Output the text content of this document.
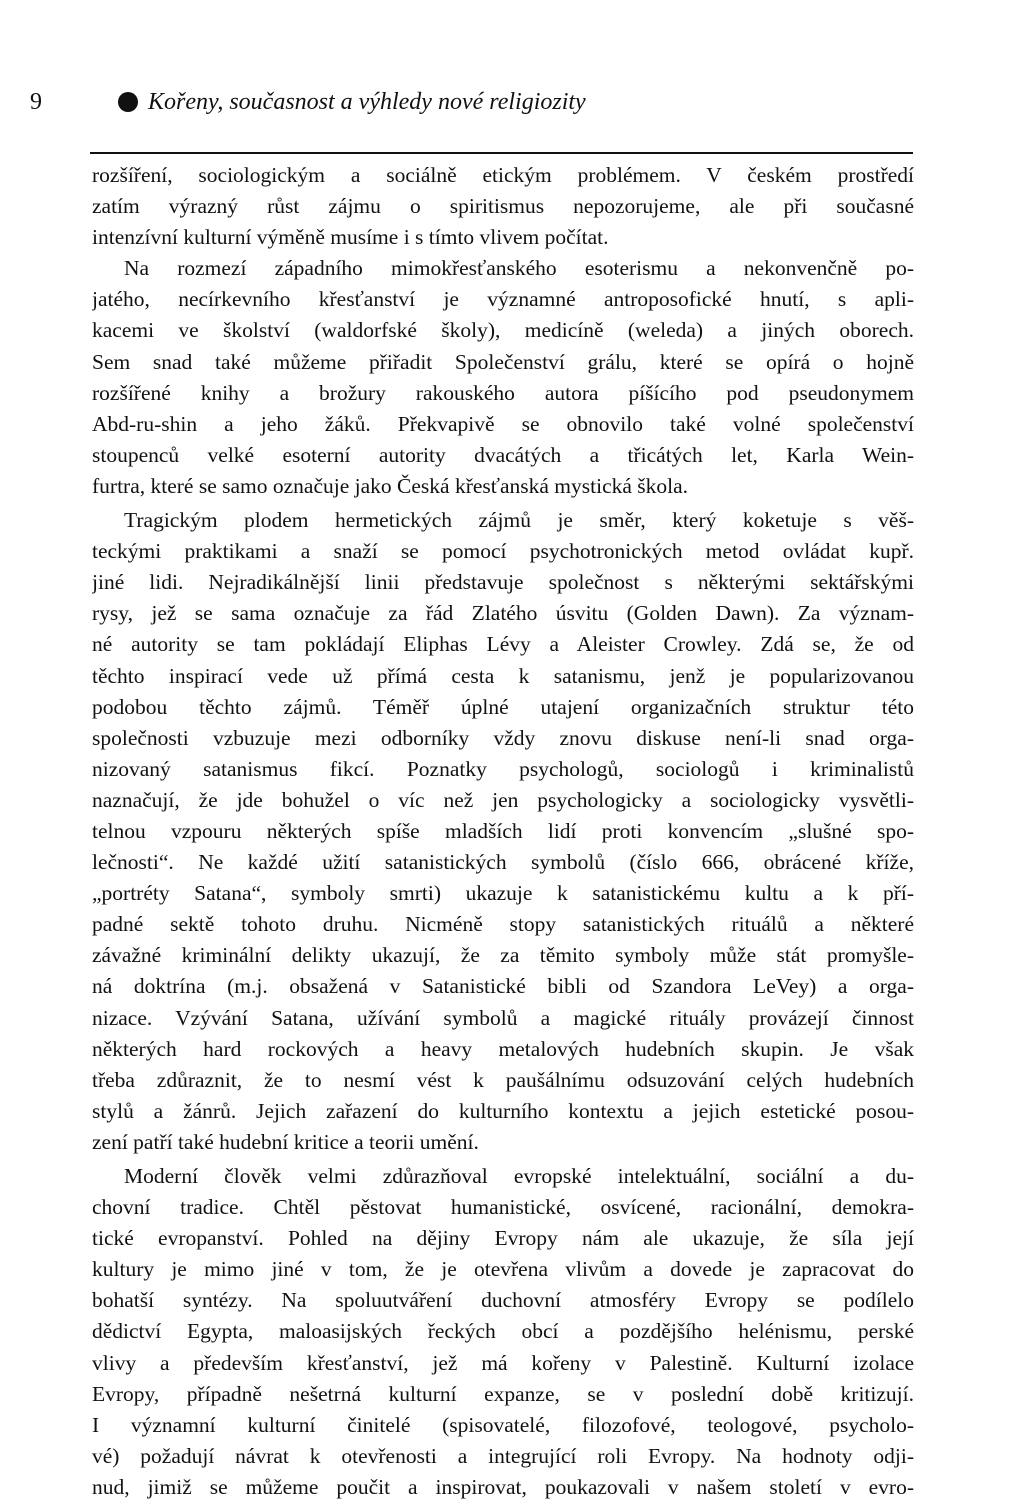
9	Kořeny, současnost a výhledy nové religiozity
rozšíření, sociologickým a sociálně etickým problémem. V českém prostředí
zatím výrazný růst zájmu o spiritismus nepozorujeme, ale při současné
intenzívní kulturní výměně musíme i s tímto vlivem počítat.
Na rozmezí západního mimokřesťanského esoterismu a nekonvenčně po-
jatého, necírkevního křesťanství je významné antroposofické hnutí, s apli-
kacemi ve školství (waldorfské školy), medicíně (weleda) a jiných oborech.
Sem snad také můžeme přiřadit Společenství grálu, které se opírá o hojně
rozšířené knihy a brožury rakouského autora píšícího pod pseudonymem
Abd-ru-shin a jeho žáků. Překvapivě se obnovilo také volné společenství
stoupenců velké esoterní autority dvacátých a třicátých let, Karla Wein-
furtra, které se samo označuje jako Česká křesťanská mystická škola.
Tragickým plodem hermetických zájmů je směr, který koketuje s věš-
teckými praktikami a snaží se pomocí psychotronických metod ovládat kupř.
jiné lidi. Nejradikálnější linii představuje společnost s některými sektářskými
rysy, jež se sama označuje za řád Zlatého úsvitu (Golden Dawn). Za význam-
né autority se tam pokládají Eliphas Lévy a Aleister Crowley. Zdá se, že od
těchto inspirací vede už přímá cesta k satanismu, jenž je popularizovanou
podobou těchto zájmů. Téměř úplné utajení organizačních struktur této
společnosti vzbuzuje mezi odborníky vždy znovu diskuse není-li snad orga-
nizovaný satanismus fikcí. Poznatky psychologů, sociologů i kriminalistů
naznačují, že jde bohužel o víc než jen psychologicky a sociologicky vysvětli-
telnou vzpouru některých spíše mladších lidí proti konvencím „slušné spo-
lečnosti“. Ne každé užití satanistických symbolů (číslo 666, obrácené kříže,
„portréty Satana“, symboly smrti) ukazuje k satanistickému kultu a k pří-
padné sektě tohoto druhu. Nicméně stopy satanistických rituálů a některé
závažné kriminální delikty ukazují, že za těmito symboly může stát promyšle-
ná doktrína (m.j. obsažená v Satanistické bibli od Szandora LeVey) a orga-
nizace. Vzývání Satana, užívání symbolů a magické rituály provázejí činnost
některých hard rockových a heavy metalových hudebních skupin. Je však
třeba zdůraznit, že to nesmí vést k paušálnímu odsuzování celých hudebních
stylů a žánrů. Jejich zařazení do kulturního kontextu a jejich estetické posou-
zení patří také hudební kritice a teorii umění.
Moderní člověk velmi zdůrazňoval evropské intelektuální, sociální a du-
chovní tradice. Chtěl pěstovat humanistické, osvícené, racionální, demokra-
tické evropanství. Pohled na dějiny Evropy nám ale ukazuje, že síla její
kultury je mimo jiné v tom, že je otevřena vlivům a dovede je zapracovat do
bohatší syntézy. Na spoluutváření duchovní atmosféry Evropy se podílelo
dědictví Egypta, maloasijských řeckých obcí a pozdějšího helénismu, perské
vlivy a především křesťanství, jež má kořeny v Palestině. Kulturní izolace
Evropy, případně nešetrná kulturní expanze, se v poslední době kritizují.
I významní kulturní činitelé (spisovatelé, filozofové, teologové, psycholo-
vé) požadují návrat k otevřenosti a integrující roli Evropy. Na hodnoty odji-
nud, jimiž se můžeme poučit a inspirovat, poukazovali v našem století v evro-
